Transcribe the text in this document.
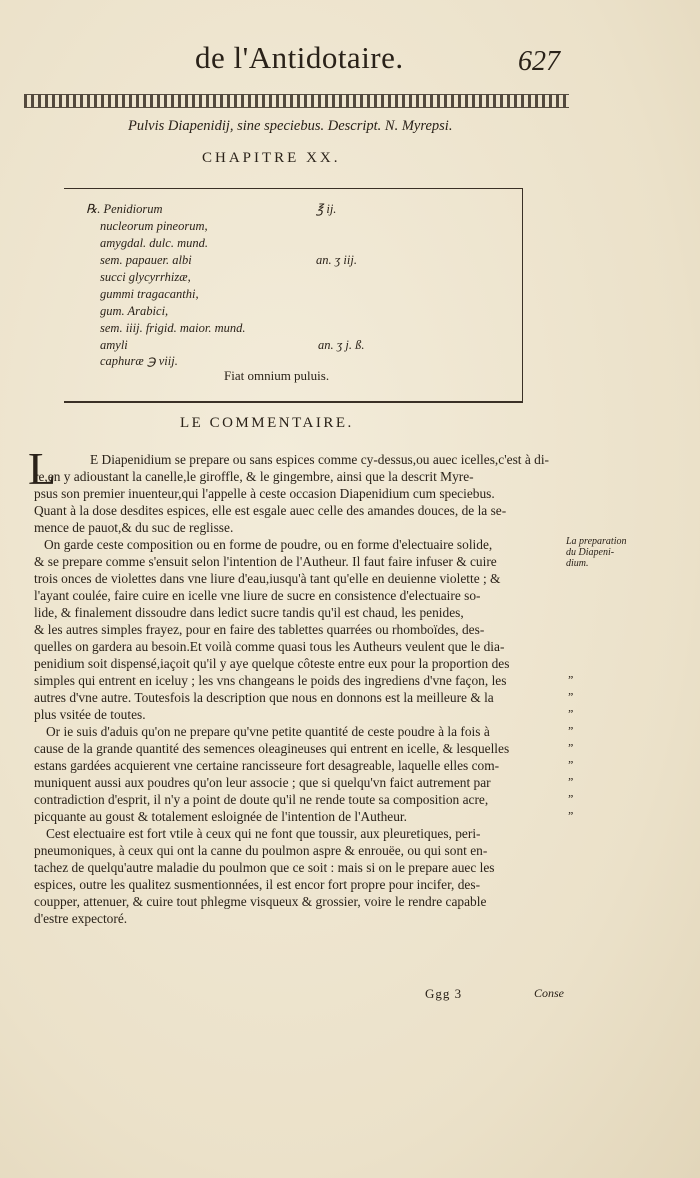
de l'Antidotaire.	627
Pulvis Diapenidij, sine speciebus. Descript. N. Myrepsi.
CHAPITRE XX.
℞. Penidiorum	℥ ij.
nucleorum pineorum,
amygdal. dulc. mund.
sem. papauer. albi	an. ʒ iij.
succi glycyrrhizæ,
gummi tragacanthi,
gum. Arabici,
sem. iiij. frigid. maior. mund.
amyli	an. ʒ j. ß.
caphuræ ℈ viij.
Fiat omnium puluis.
LE COMMENTAIRE.
L	E Diapenidium se prepare ou sans espices comme cy-dessus,ou auec icelles,c'est à di-
re,en y adioustant la canelle,le giroffle, & le gingembre, ainsi que la descrit Myre-
psus son premier inuenteur,qui l'appelle à ceste occasion Diapenidium cum speciebus.
Quant à la dose desdites espices, elle est esgale auec celle des amandes douces, de la se-
mence de pauot,& du suc de reglisse.
On garde ceste composition ou en forme de poudre, ou en forme d'electuaire solide,
& se prepare comme s'ensuit selon l'intention de l'Autheur. Il faut faire infuser & cuire
trois onces de violettes dans vne liure d'eau,iusqu'à tant qu'elle en deuienne violette ; &
l'ayant coulée, faire cuire en icelle vne liure de sucre en consistence d'electuaire so-
lide, & finalement dissoudre dans ledict sucre tandis qu'il est chaud, les penides,
& les autres simples frayez, pour en faire des tablettes quarrées ou rhomboïdes, des-
quelles on gardera au besoin.Et voilà comme quasi tous les Autheurs veulent que le dia-
penidium soit dispensé,iaçoit qu'il y aye quelque côteste entre eux pour la proportion des
simples qui entrent en iceluy ; les vns changeans le poids des ingrediens d'vne façon, les
autres d'vne autre. Toutesfois la description que nous en donnons est la meilleure & la
plus vsitée de toutes.
Or ie suis d'aduis qu'on ne prepare qu'vne petite quantité de ceste poudre à la fois à
cause de la grande quantité des semences oleagineuses qui entrent en icelle, & lesquelles
estans gardées acquierent vne certaine rancisseure fort desagreable, laquelle elles com-
muniquent aussi aux poudres qu'on leur associe ; que si quelqu'vn faict autrement par
contradiction d'esprit, il n'y a point de doute qu'il ne rende toute sa composition acre,
picquante au goust & totalement esloignée de l'intention de l'Autheur.
Cest electuaire est fort vtile à ceux qui ne font que toussir, aux pleuretiques, peri-
pneumoniques, à ceux qui ont la canne du poulmon aspre & enrouëe, ou qui sont en-
tachez de quelqu'autre maladie du poulmon que ce soit : mais si on le prepare auec les
espices, outre les qualitez susmentionnées, il est encor fort propre pour incifer, des-
coupper, attenuer, & cuire tout phlegme visqueux & grossier, voire le rendre capable
d'estre expectoré.
La preparation
du Diapeni-
dium.
„
„
„
„
„
„
„
„
„
Ggg 3	Conse
